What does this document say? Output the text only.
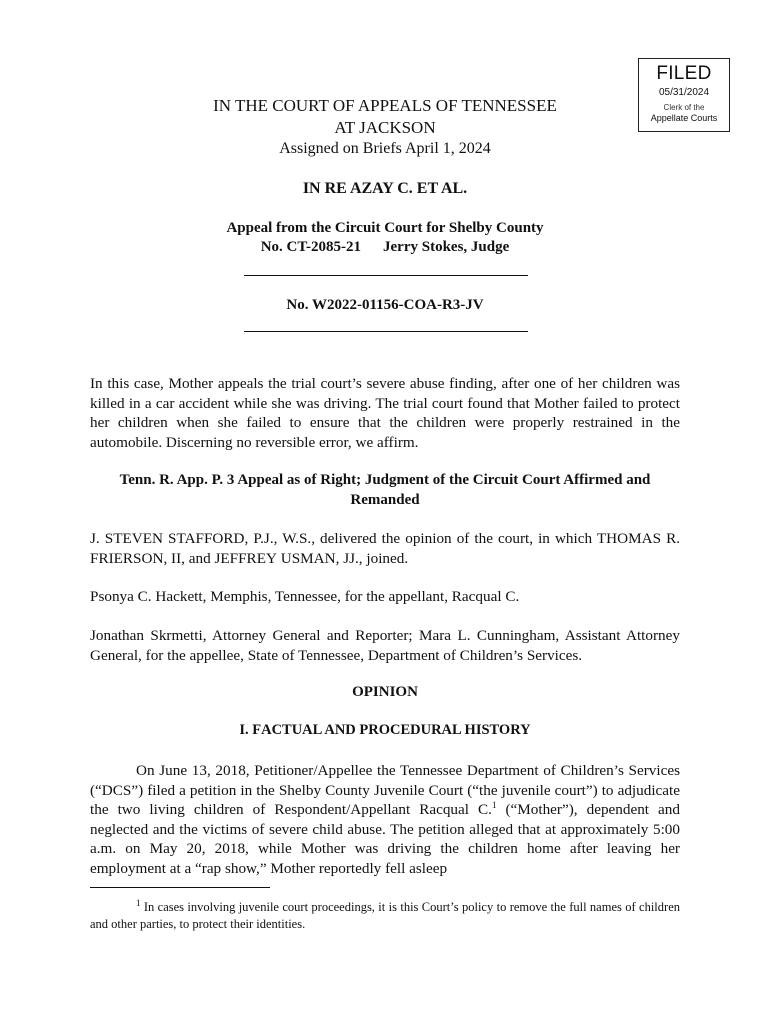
FILED
05/31/2024
Clerk of the
Appellate Courts
IN THE COURT OF APPEALS OF TENNESSEE
AT JACKSON
Assigned on Briefs April 1, 2024
IN RE AZAY C. ET AL.
Appeal from the Circuit Court for Shelby County
No. CT-2085-21 Jerry Stokes, Judge
No. W2022-01156-COA-R3-JV
In this case, Mother appeals the trial court’s severe abuse finding, after one of her children was killed in a car accident while she was driving. The trial court found that Mother failed to protect her children when she failed to ensure that the children were properly restrained in the automobile. Discerning no reversible error, we affirm.
Tenn. R. App. P. 3 Appeal as of Right; Judgment of the Circuit Court Affirmed and Remanded
J. STEVEN STAFFORD, P.J., W.S., delivered the opinion of the court, in which THOMAS R. FRIERSON, II, and JEFFREY USMAN, JJ., joined.
Psonya C. Hackett, Memphis, Tennessee, for the appellant, Racqual C.
Jonathan Skrmetti, Attorney General and Reporter; Mara L. Cunningham, Assistant Attorney General, for the appellee, State of Tennessee, Department of Children’s Services.
OPINION
I. FACTUAL AND PROCEDURAL HISTORY
On June 13, 2018, Petitioner/Appellee the Tennessee Department of Children’s Services (“DCS”) filed a petition in the Shelby County Juvenile Court (“the juvenile court”) to adjudicate the two living children of Respondent/Appellant Racqual C.$^1$ (“Mother”), dependent and neglected and the victims of severe child abuse. The petition alleged that at approximately 5:00 a.m. on May 20, 2018, while Mother was driving the children home after leaving her employment at a “rap show,” Mother reportedly fell asleep
$^1$ In cases involving juvenile court proceedings, it is this Court’s policy to remove the full names of children and other parties, to protect their identities.
